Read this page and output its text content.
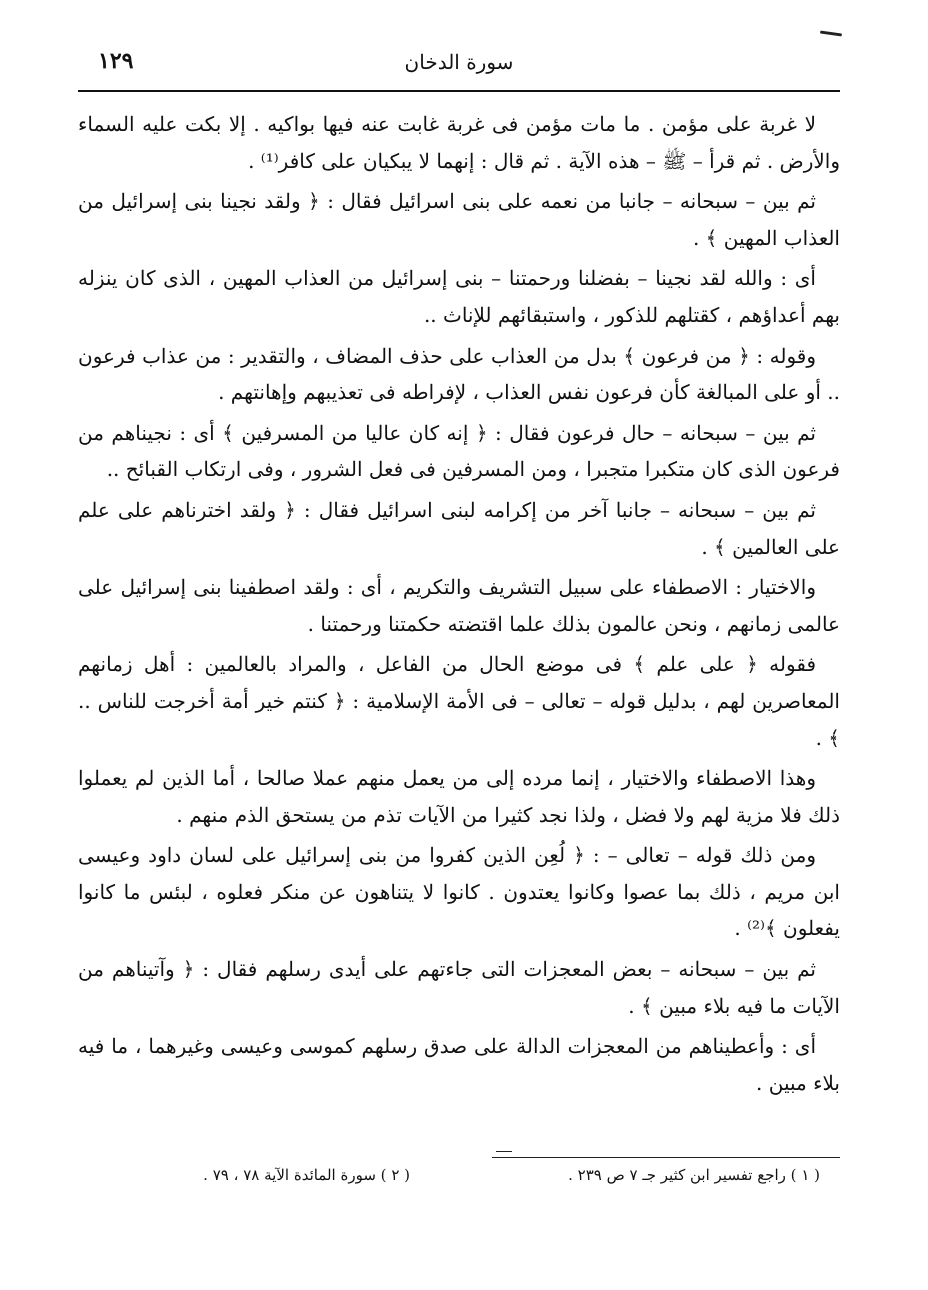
١٢٩	سورة الدخان

لا غربة على مؤمن . ما مات مؤمن فى غربة غابت عنه فيها بواكيه . إلا بكت عليه السماء والأرض . ثم قرأ – ﷺ – هذه الآية . ثم قال : إنهما لا يبكيان على كافر⁽¹⁾ .

ثم بين – سبحانه – جانبا من نعمه على بنى اسرائيل فقال : ﴿ ولقد نجينا بنى إسرائيل من العذاب المهين ﴾ .

أى : والله لقد نجينا – بفضلنا ورحمتنا – بنى إسرائيل من العذاب المهين ، الذى كان ينزله بهم أعداؤهم ، كقتلهم للذكور ، واستبقائهم للإناث ..

وقوله : ﴿ من فرعون ﴾ بدل من العذاب على حذف المضاف ، والتقدير : من عذاب فرعون .. أو على المبالغة كأن فرعون نفس العذاب ، لإفراطه فى تعذيبهم وإهانتهم .

ثم بين – سبحانه – حال فرعون فقال : ﴿ إنه كان عاليا من المسرفين ﴾ أى : نجيناهم من فرعون الذى كان متكبرا متجبرا ، ومن المسرفين فى فعل الشرور ، وفى ارتكاب القبائح ..

ثم بين – سبحانه – جانبا آخر من إكرامه لبنى اسرائيل فقال : ﴿ ولقد اخترناهم على علم على العالمين ﴾ .

والاختيار : الاصطفاء على سبيل التشريف والتكريم ، أى : ولقد اصطفينا بنى إسرائيل على عالمى زمانهم ، ونحن عالمون بذلك علما اقتضته حكمتنا ورحمتنا .

فقوله ﴿ على علم ﴾ فى موضع الحال من الفاعل ، والمراد بالعالمين : أهل زمانهم المعاصرين لهم ، بدليل قوله – تعالى – فى الأمة الإسلامية : ﴿ كنتم خير أمة أخرجت للناس .. ﴾ .

وهذا الاصطفاء والاختيار ، إنما مرده إلى من يعمل منهم عملا صالحا ، أما الذين لم يعملوا ذلك فلا مزية لهم ولا فضل ، ولذا نجد كثيرا من الآيات تذم من يستحق الذم منهم .

ومن ذلك قوله – تعالى – : ﴿ لُعِن الذين كفروا من بنى إسرائيل على لسان داود وعيسى ابن مريم ، ذلك بما عصوا وكانوا يعتدون . كانوا لا يتناهون عن منكر فعلوه ، لبئس ما كانوا يفعلون ﴾⁽²⁾ .

ثم بين – سبحانه – بعض المعجزات التى جاءتهم على أيدى رسلهم فقال : ﴿ وآتيناهم من الآيات ما فيه بلاء مبين ﴾ .

أى : وأعطيناهم من المعجزات الدالة على صدق رسلهم كموسى وعيسى وغيرهما ، ما فيه بلاء مبين .

( ١ ) راجع تفسير ابن كثير جـ ٧ ص ٢٣٩ .
( ٢ ) سورة المائدة الآية ٧٨ ، ٧٩ .
